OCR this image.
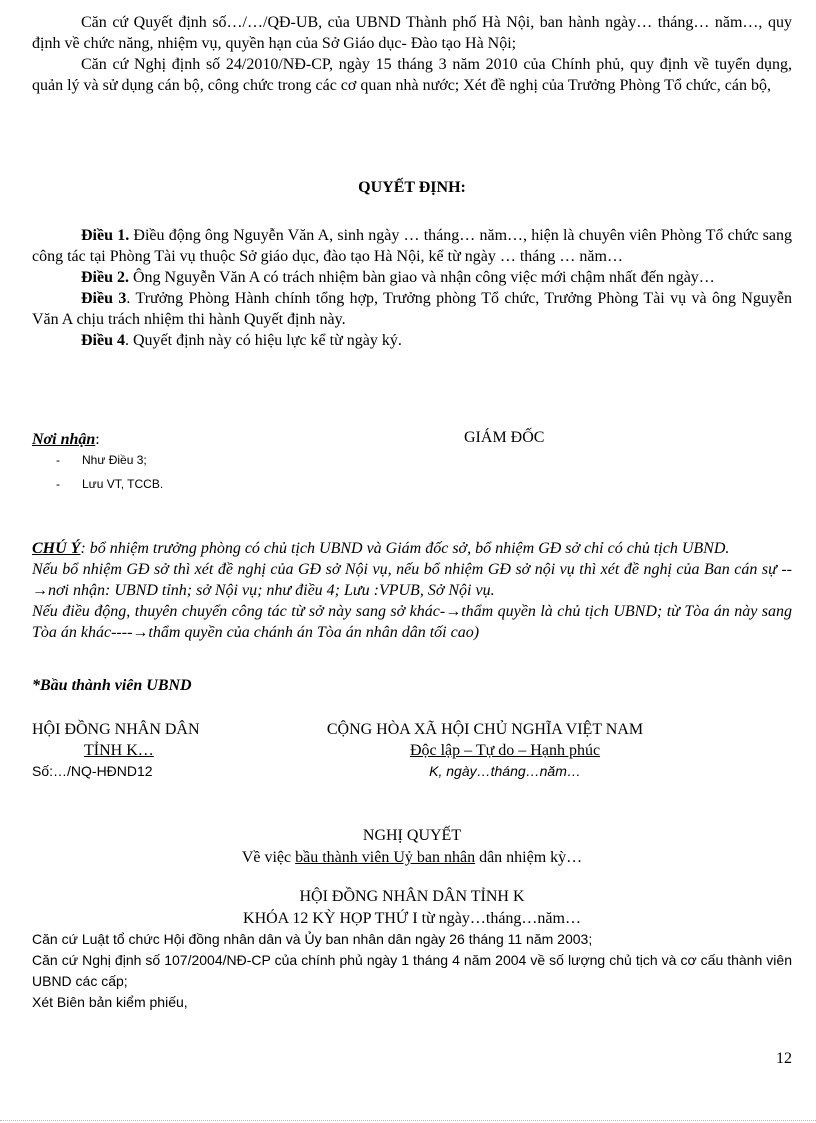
Căn cứ Quyết định số…/…/QĐ-UB, của UBND Thành phố Hà Nội, ban hành ngày… tháng… năm…, quy định về chức năng, nhiệm vụ, quyền hạn của Sở Giáo dục- Đào tạo Hà Nội;

Căn cứ Nghị định số 24/2010/NĐ-CP, ngày 15 tháng 3 năm 2010 của Chính phủ, quy định về tuyển dụng, quản lý và sử dụng cán bộ, công chức trong các cơ quan nhà nước; Xét đề nghị của Trưởng Phòng Tổ chức, cán bộ,

QUYẾT ĐỊNH:

Điều 1. Điều động ông Nguyễn Văn A, sinh ngày … tháng… năm…, hiện là chuyên viên Phòng Tổ chức sang công tác tại Phòng Tài vụ thuộc Sở giáo dục, đào tạo Hà Nội, kể từ ngày … tháng … năm…

Điều 2. Ông Nguyễn Văn A có trách nhiệm bàn giao và nhận công việc mới chậm nhất đến ngày…

Điều 3. Trưởng Phòng Hành chính tổng hợp, Trưởng phòng Tổ chức, Trưởng Phòng Tài vụ và ông Nguyễn Văn A chịu trách nhiệm thi hành Quyết định này.

Điều 4. Quyết định này có hiệu lực kể từ ngày ký.

Nơi nhận:
- Như Điều 3;
- Lưu VT, TCCB.
GIÁM ĐỐC

CHÚ Ý: bổ nhiệm trưởng phòng có chủ tịch UBND và Giám đốc sở, bổ nhiệm GĐ sở chỉ có chủ tịch UBND.

Nếu bổ nhiệm GĐ sở thì xét đề nghị của GĐ sở Nội vụ, nếu bổ nhiệm GĐ sở nội vụ thì xét đề nghị của Ban cán sự -- →nơi nhận: UBND tỉnh; sở Nội vụ; như điều 4; Lưu :VPUB, Sở Nội vụ.

Nếu điều động, thuyên chuyển công tác từ sở này sang sở khác-→thẩm quyền là chủ tịch UBND; từ Tòa án này sang Tòa án khác----→thẩm quyền của chánh án Tòa án nhân dân tối cao)

*Bầu thành viên UBND
HỘI ĐỒNG NHÂN DÂN
TỈNH K…
Số:…/NQ-HĐND12
CỘNG HÒA XÃ HỘI CHỦ NGHĨA VIỆT NAM
Độc lập – Tự do – Hạnh phúc
K, ngày…tháng…năm…
NGHỊ QUYẾT
Về việc bầu thành viên Uỷ ban nhân dân nhiệm kỳ…
HỘI ĐỒNG NHÂN DÂN TỈNH K
KHÓA 12 KỲ HỌP THỨ I từ ngày…tháng…năm…
Căn cứ Luật tổ chức Hội đồng nhân dân và Ủy ban nhân dân ngày 26 tháng 11 năm 2003;
Căn cứ Nghị định số 107/2004/NĐ-CP của chính phủ ngày 1 tháng 4 năm 2004 về số lượng chủ tịch và cơ cấu thành viên UBND các cấp;
Xét Biên bản kiểm phiếu,
12
